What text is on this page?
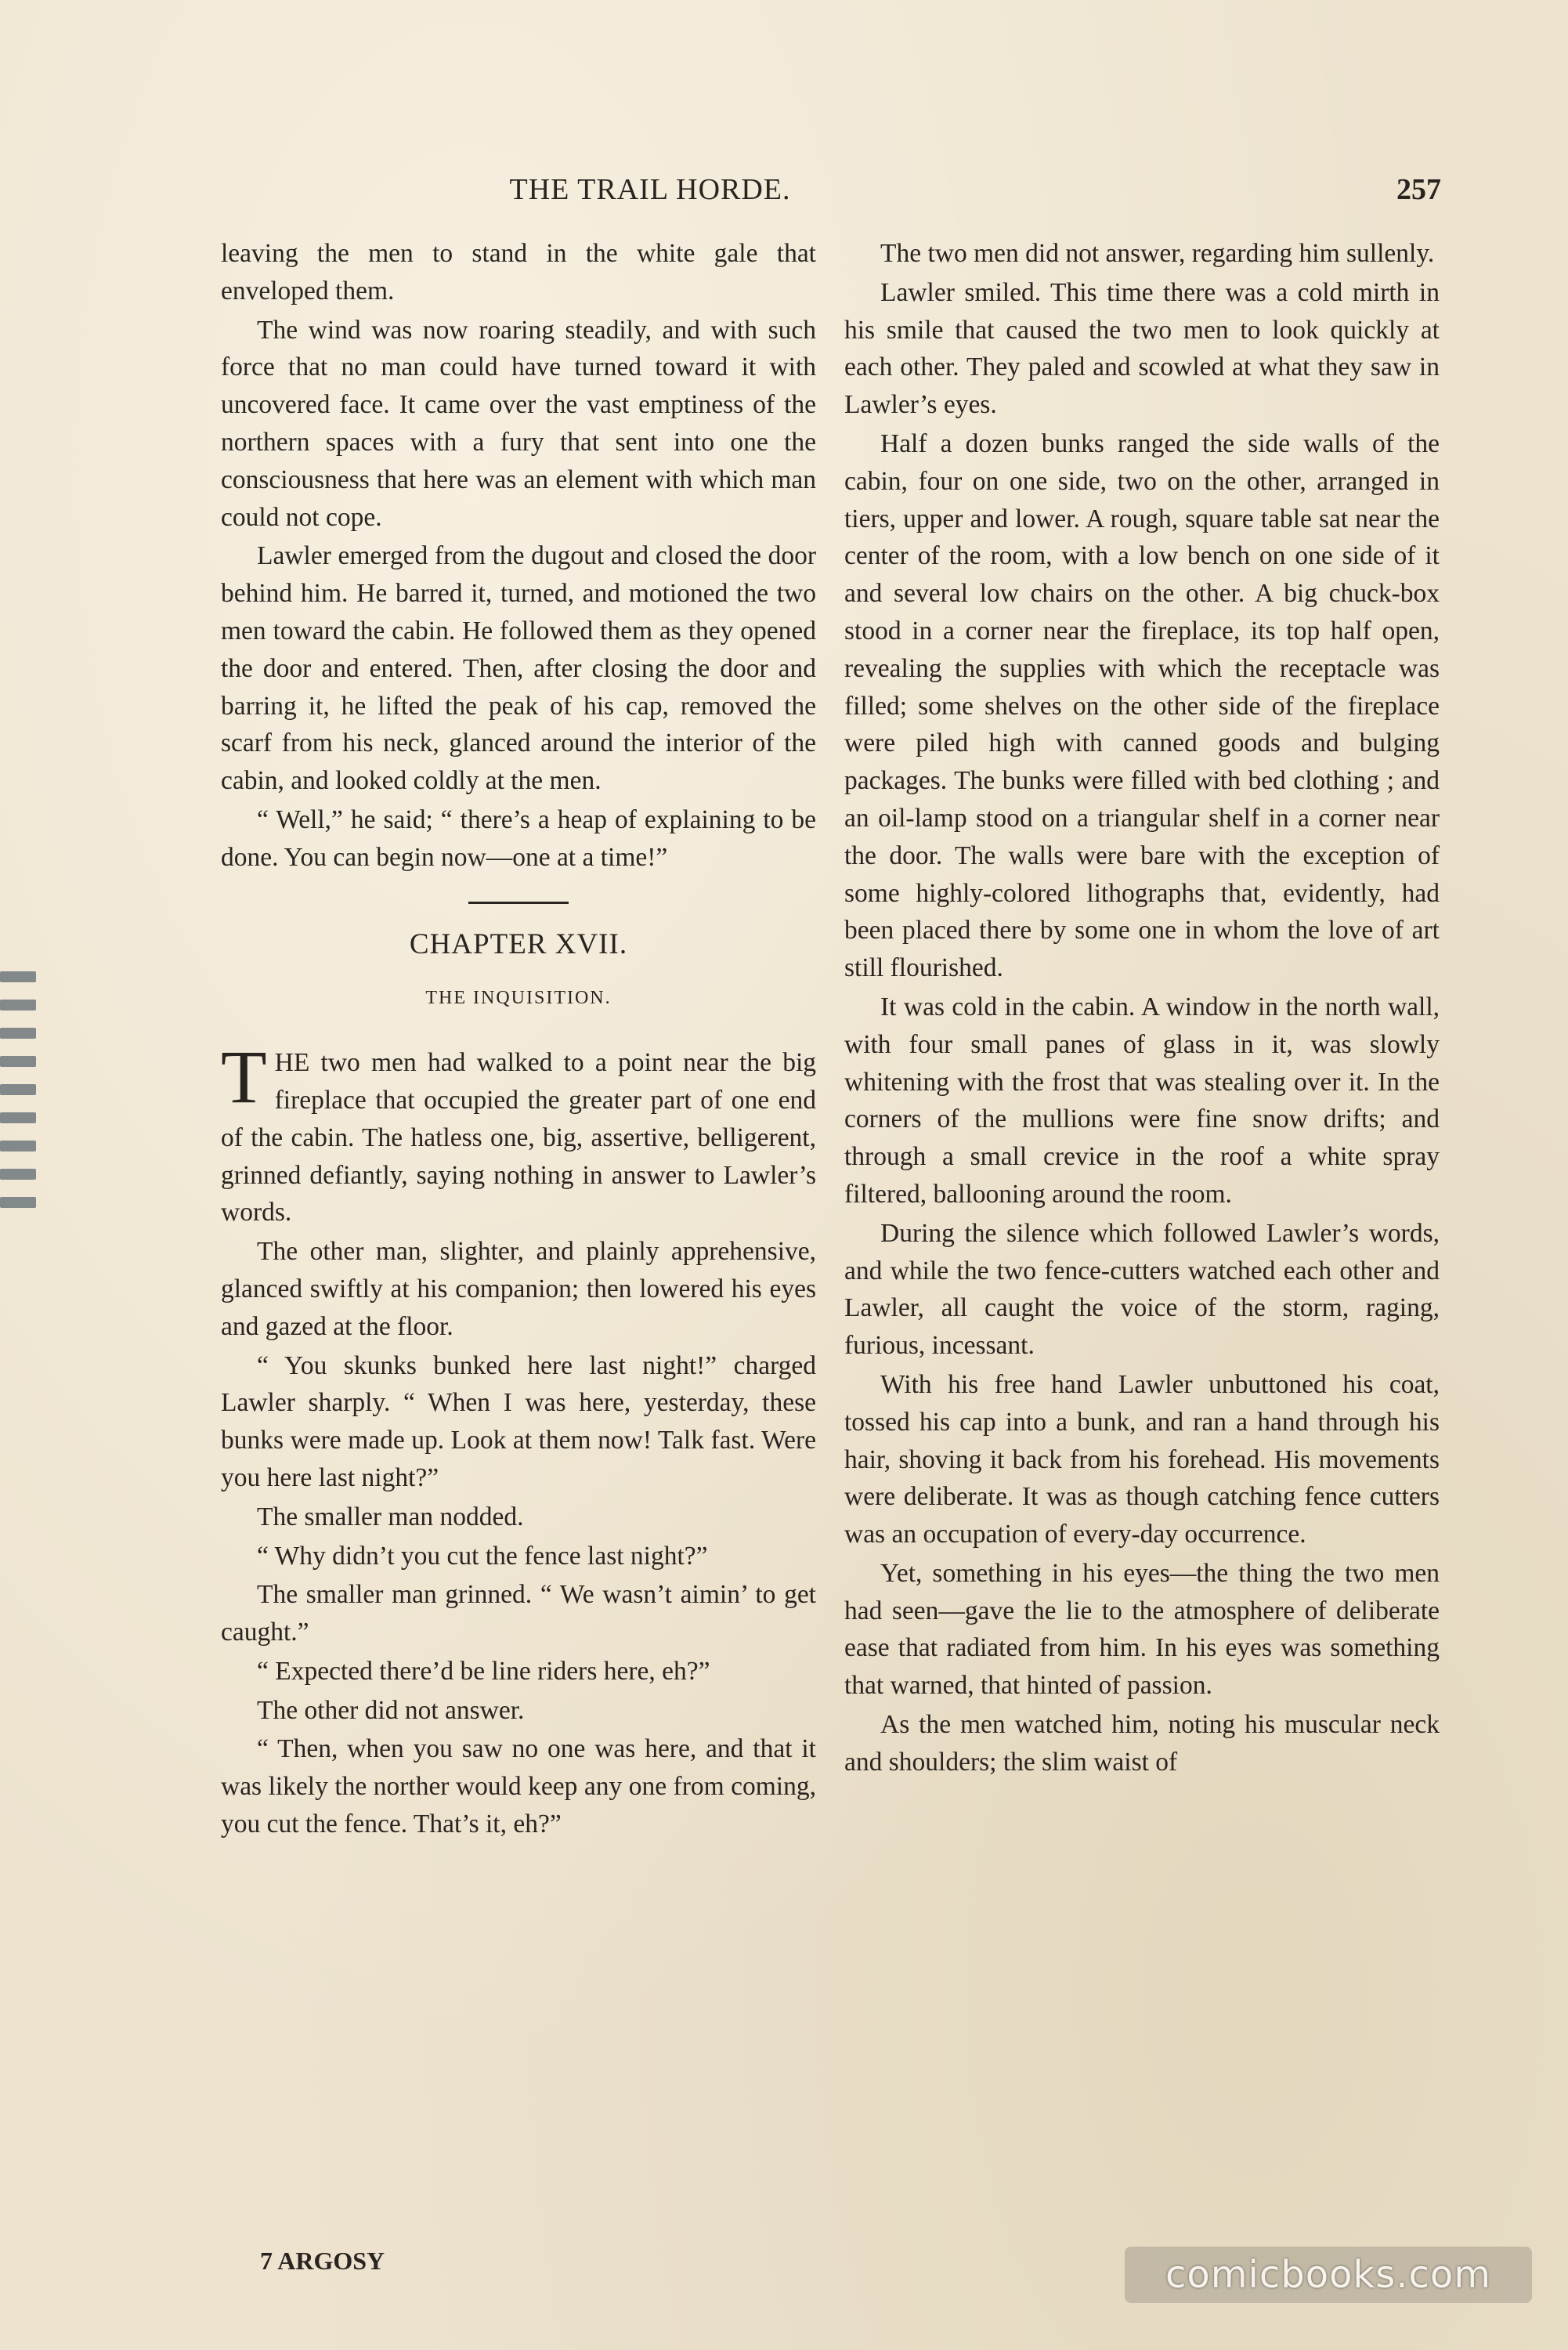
THE TRAIL HORDE.	257

leaving the men to stand in the white gale that enveloped them.

The wind was now roaring steadily, and with such force that no man could have turned toward it with uncovered face. It came over the vast emptiness of the northern spaces with a fury that sent into one the consciousness that here was an element with which man could not cope.

Lawler emerged from the dugout and closed the door behind him. He barred it, turned, and motioned the two men toward the cabin. He followed them as they opened the door and entered. Then, after closing the door and barring it, he lifted the peak of his cap, removed the scarf from his neck, glanced around the interior of the cabin, and looked coldly at the men.

“ Well,” he said; “ there’s a heap of explaining to be done. You can begin now—one at a time!”

CHAPTER XVII.
THE INQUISITION.

THE two men had walked to a point near the big fireplace that occupied the greater part of one end of the cabin. The hatless one, big, assertive, belligerent, grinned defiantly, saying nothing in answer to Lawler’s words.

The other man, slighter, and plainly apprehensive, glanced swiftly at his companion; then lowered his eyes and gazed at the floor.

“ You skunks bunked here last night!” charged Lawler sharply. “ When I was here, yesterday, these bunks were made up. Look at them now! Talk fast. Were you here last night?”

The smaller man nodded.

“ Why didn’t you cut the fence last night?”

The smaller man grinned. “ We wasn’t aimin’ to get caught.”

“ Expected there’d be line riders here, eh?”

The other did not answer.

“ Then, when you saw no one was here, and that it was likely the norther would keep any one from coming, you cut the fence. That’s it, eh?”

The two men did not answer, regarding him sullenly.

Lawler smiled. This time there was a cold mirth in his smile that caused the two men to look quickly at each other. They paled and scowled at what they saw in Lawler’s eyes.

Half a dozen bunks ranged the side walls of the cabin, four on one side, two on the other, arranged in tiers, upper and lower. A rough, square table sat near the center of the room, with a low bench on one side of it and several low chairs on the other. A big chuck-box stood in a corner near the fireplace, its top half open, revealing the supplies with which the receptacle was filled; some shelves on the other side of the fireplace were piled high with canned goods and bulging packages. The bunks were filled with bed clothing ; and an oil-lamp stood on a triangular shelf in a corner near the door. The walls were bare with the exception of some highly-colored lithographs that, evidently, had been placed there by some one in whom the love of art still flourished.

It was cold in the cabin. A window in the north wall, with four small panes of glass in it, was slowly whitening with the frost that was stealing over it. In the corners of the mullions were fine snow drifts; and through a small crevice in the roof a white spray filtered, ballooning around the room.

During the silence which followed Lawler’s words, and while the two fence-cutters watched each other and Lawler, all caught the voice of the storm, raging, furious, incessant.

With his free hand Lawler unbuttoned his coat, tossed his cap into a bunk, and ran a hand through his hair, shoving it back from his forehead. His movements were deliberate. It was as though catching fence cutters was an occupation of every-day occurrence.

Yet, something in his eyes—the thing the two men had seen—gave the lie to the atmosphere of deliberate ease that radiated from him. In his eyes was something that warned, that hinted of passion.

As the men watched him, noting his muscular neck and shoulders; the slim waist of

7 ARGOSY	comicbooks.com
